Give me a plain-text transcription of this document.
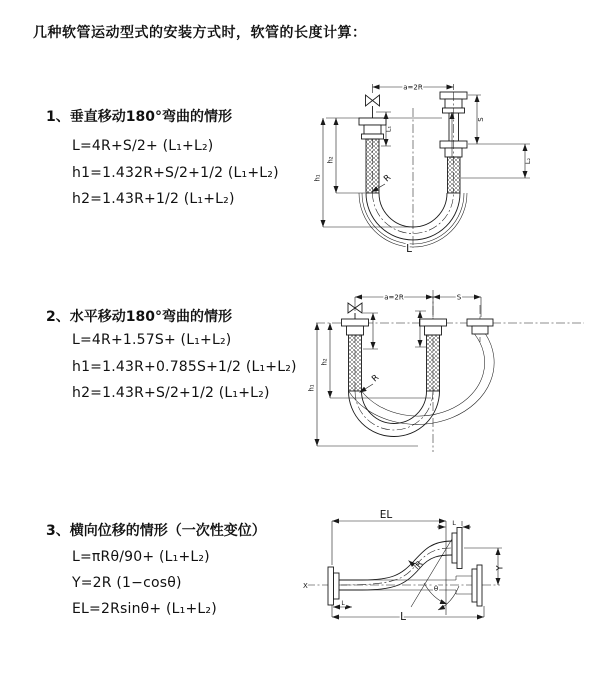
几种软管运动型式的安装方式时，软管的长度计算：
1、垂直移动180°弯曲的情形
L=4R+S/2+ (L₁+L₂)
h1=1.432R+S/2+1/2 (L₁+L₂)
h2=1.43R+1/2 (L₁+L₂)
2、水平移动180°弯曲的情形
L=4R+1.57S+ (L₁+L₂)
h1=1.43R+0.785S+1/2 (L₁+L₂)
h2=1.43R+S/2+1/2 (L₁+L₂)
3、横向位移的情形（一次性变位）
L=πRθ/90+ (L₁+L₂)
Y=2R (1−cosθ)
EL=2Rsinθ+ (L₁+L₂)
a=2R
L₁
S
L₂
h₁
h₂
R
L
a=2R	S
h₁
h₂
R
X	θ
EL
L
Y
L
L
R
